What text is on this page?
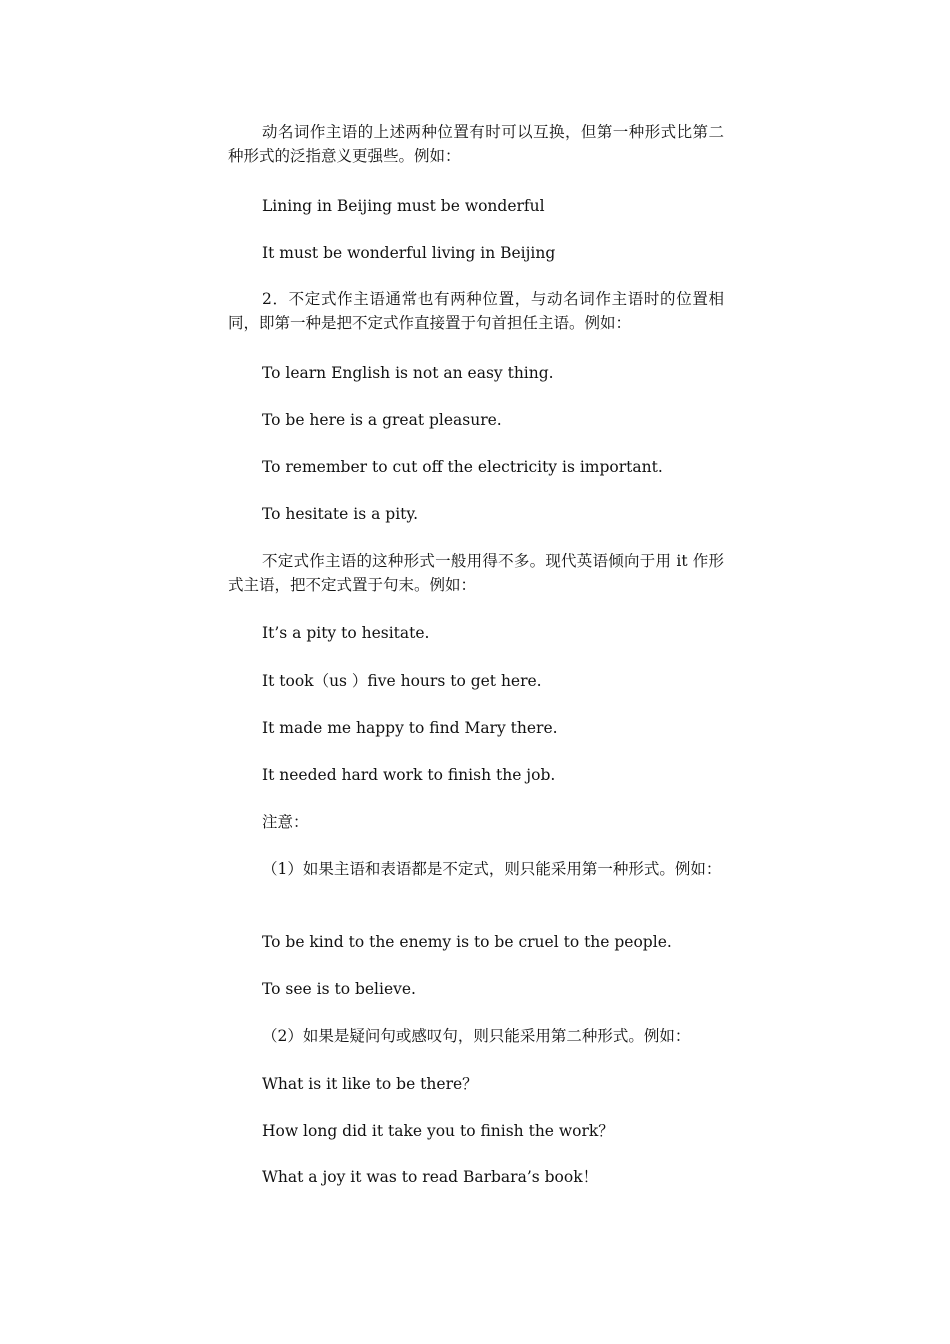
动名词作主语的上述两种位置有时可以互换，但第一种形式比第二种形式的泛指意义更强些。例如：
Lining in Beijing must be wonderful
It must be wonderful living in Beijing
2．不定式作主语通常也有两种位置，与动名词作主语时的位置相同，即第一种是把不定式作直接置于句首担任主语。例如：
To learn English is not an easy thing.
To be here is a great pleasure.
To remember to cut off the electricity is important.
To hesitate is a pity.
不定式作主语的这种形式一般用得不多。现代英语倾向于用 it 作形式主语，把不定式置于句末。例如：
It’s a pity to hesitate.
It took（us ）five hours to get here.
It made me happy to find Mary there.
It needed hard work to finish the job.
注意：
（1）如果主语和表语都是不定式，则只能采用第一种形式。例如：
To be kind to the enemy is to be cruel to the people.
To see is to believe.
（2）如果是疑问句或感叹句，则只能采用第二种形式。例如：
What is it like to be there？
How long did it take you to finish the work？
What a joy it was to read Barbara’s book！
